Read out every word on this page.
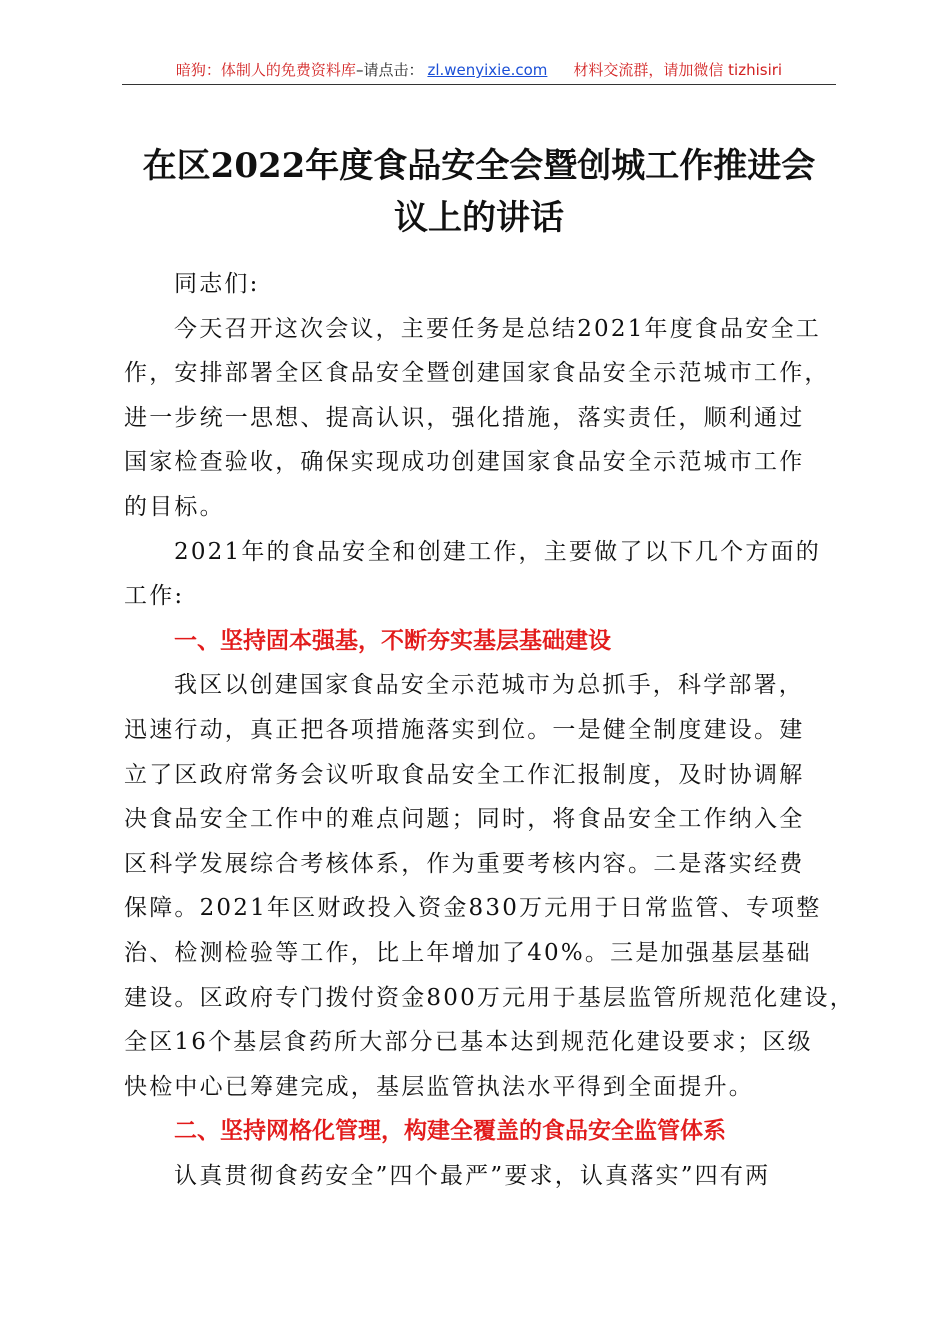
暗狗：体制人的免费资料库–请点击： zl.wenyixie.com 材料交流群，请加微信 tizhisiri
在区2022年度食品安全会暨创城工作推进会
议上的讲话

同志们:

今天召开这次会议，主要任务是总结2021年度食品安全工
作，安排部署全区食品安全暨创建国家食品安全示范城市工作，
进一步统一思想、提高认识，强化措施，落实责任，顺利通过
国家检查验收，确保实现成功创建国家食品安全示范城市工作
的目标。

2021年的食品安全和创建工作，主要做了以下几个方面的
工作:

一、坚持固本强基，不断夯实基层基础建设

我区以创建国家食品安全示范城市为总抓手，科学部署，
迅速行动，真正把各项措施落实到位。一是健全制度建设。建
立了区政府常务会议听取食品安全工作汇报制度，及时协调解
决食品安全工作中的难点问题；同时，将食品安全工作纳入全
区科学发展综合考核体系，作为重要考核内容。二是落实经费
保障。2021年区财政投入资金830万元用于日常监管、专项整
治、检测检验等工作，比上年增加了40%。三是加强基层基础
建设。区政府专门拨付资金800万元用于基层监管所规范化建设，
全区16个基层食药所大部分已基本达到规范化建设要求；区级
快检中心已筹建完成，基层监管执法水平得到全面提升。

二、坚持网格化管理，构建全覆盖的食品安全监管体系

认真贯彻食药安全”四个最严”要求，认真落实”四有两
